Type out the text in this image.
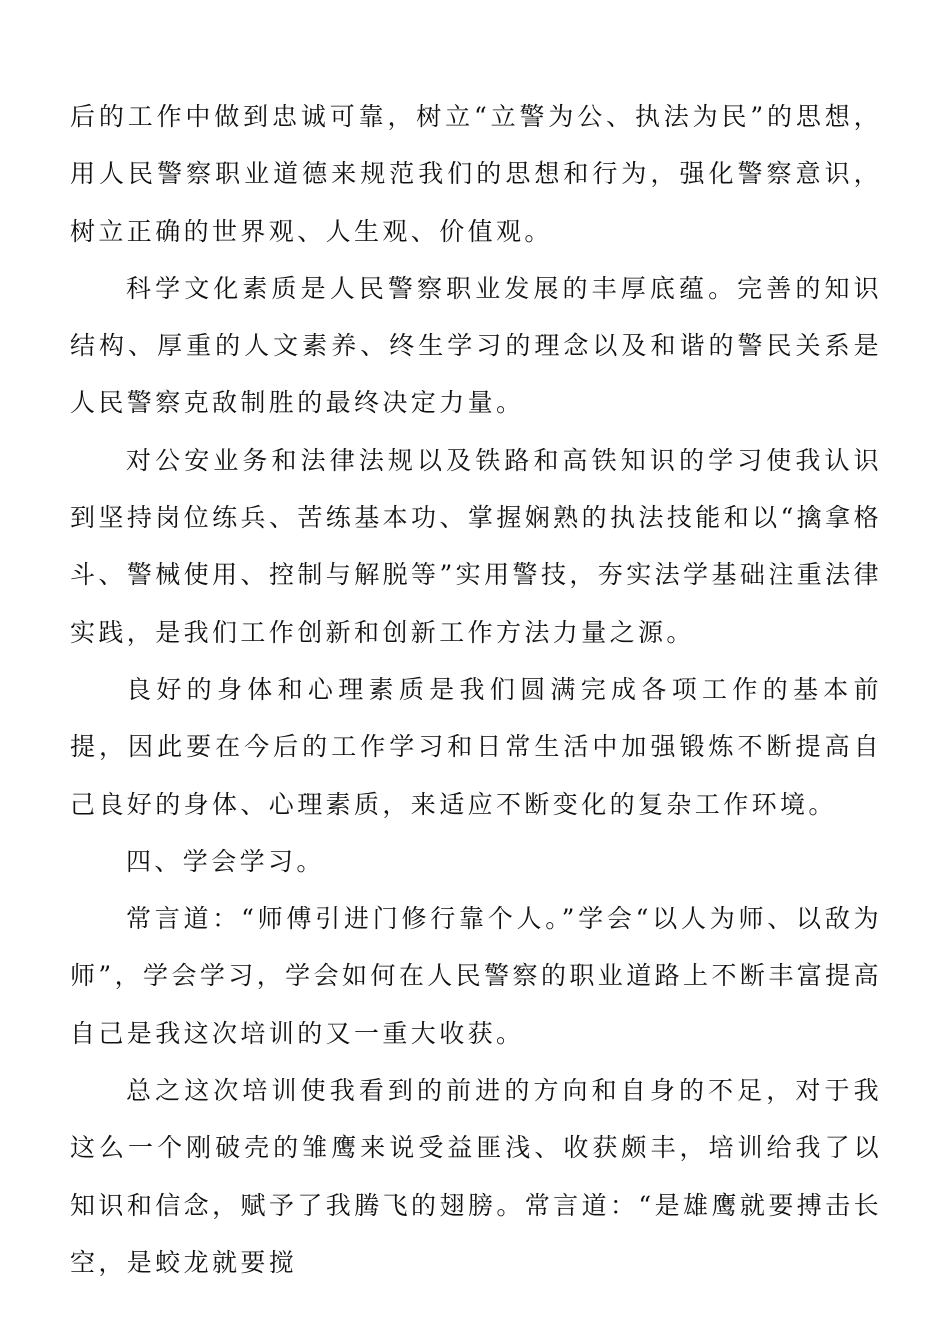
后的工作中做到忠诚可靠，树立“立警为公、执法为民”的思想，用人民警察职业道德来规范我们的思想和行为，强化警察意识，树立正确的世界观、人生观、价值观。

科学文化素质是人民警察职业发展的丰厚底蕴。完善的知识结构、厚重的人文素养、终生学习的理念以及和谐的警民关系是人民警察克敌制胜的最终决定力量。

对公安业务和法律法规以及铁路和高铁知识的学习使我认识到坚持岗位练兵、苦练基本功、掌握娴熟的执法技能和以“擒拿格斗、警械使用、控制与解脱等”实用警技，夯实法学基础注重法律实践，是我们工作创新和创新工作方法力量之源。

良好的身体和心理素质是我们圆满完成各项工作的基本前提，因此要在今后的工作学习和日常生活中加强锻炼不断提高自己良好的身体、心理素质，来适应不断变化的复杂工作环境。

四、学会学习。

常言道：“师傅引进门修行靠个人。”学会“以人为师、以敌为师”，学会学习，学会如何在人民警察的职业道路上不断丰富提高自己是我这次培训的又一重大收获。

总之这次培训使我看到的前进的方向和自身的不足，对于我这么一个刚破壳的雏鹰来说受益匪浅、收获颇丰，培训给我了以知识和信念，赋予了我腾飞的翅膀。常言道：“是雄鹰就要搏击长空，是蛟龙就要搅
